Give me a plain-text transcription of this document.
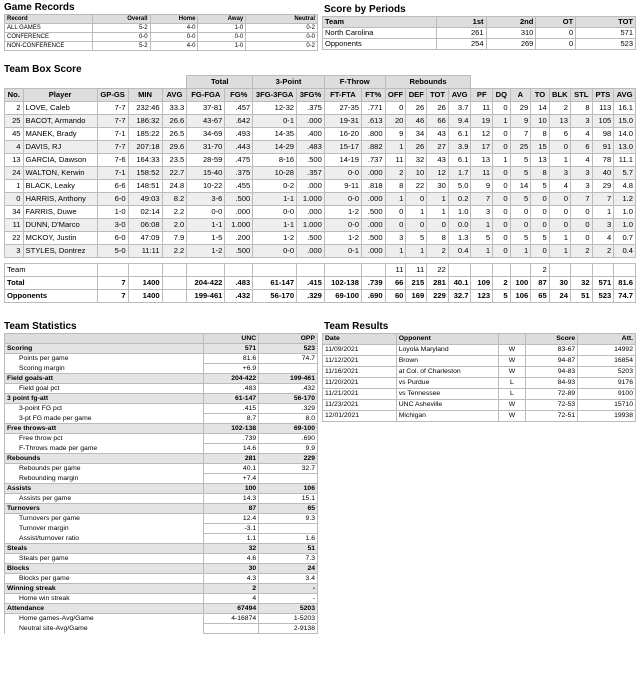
Game Records	Score by Periods
Team Box Score
Team Statistics	Team Results
Record	Overall	Home	Away	Neutral
ALL GAMES	5-2	4-0	1-0	0-2
CONFERENCE	0-0	0-0	0-0	0-0
NON-CONFERENCE	5-2	4-0	1-0	0-2
Team	1st	2nd	OT	TOT
North Carolina	261	310	0	571
Opponents	254	269	0	523
					Total		3-Point		F-Throw		Rebounds											
No.	Player	GP-GS	MIN	AVG	FG-FGA	FG%	3FG-3FGA	3FG%	FT-FTA	FT%	OFF	DEF	TOT	AVG	PF	DQ	A	TO	BLK	STL	PTS	AVG
2	LOVE, Caleb	7-7	232:46	33.3	37-81	.457	12-32	.375	27-35	.771	0	26	26	3.7	11	0	29	14	2	8	113	16.1
25	BACOT, Armando	7-7	186:32	26.6	43-67	.642	0-1	.000	19-31	.613	20	46	66	9.4	19	1	9	10	13	3	105	15.0
45	MANEK, Brady	7-1	185:22	26.5	34-69	.493	14-35	.400	16-20	.800	9	34	43	6.1	12	0	7	8	6	4	98	14.0
4	DAVIS, RJ	7-7	207:18	29.6	31-70	.443	14-29	.483	15-17	.882	1	26	27	3.9	17	0	25	15	0	6	91	13.0
13	GARCIA, Dawson	7-6	164:33	23.5	28-59	.475	8-16	.500	14-19	.737	11	32	43	6.1	13	1	5	13	1	4	78	11.1
24	WALTON, Kerwin	7-1	158:52	22.7	15-40	.375	10-28	.357	0-0	.000	2	10	12	1.7	11	0	5	8	3	3	40	5.7
1	BLACK, Leaky	6-6	148:51	24.8	10-22	.455	0-2	.000	9-11	.818	8	22	30	5.0	9	0	14	5	4	3	29	4.8
0	HARRIS, Anthony	6-0	49:03	8.2	3-6	.500	1-1	1.000	0-0	.000	1	0	1	0.2	7	0	5	0	0	7	7	1.2
34	FARRIS, Duwe	1-0	02:14	2.2	0-0	.000	0-0	.000	1-2	.500	0	1	1	1.0	3	0	0	0	0	0	1	1.0
11	DUNN, D'Marco	3-0	06:08	2.0	1-1	1.000	1-1	1.000	0-0	.000	0	0	0	0.0	1	0	0	0	0	0	3	1.0
22	MCKOY, Justin	6-0	47:09	7.9	1-5	.200	1-2	.500	1-2	.500	3	5	8	1.3	5	0	5	5	1	0	4	0.7
3	STYLES, Dontrez	5-0	11:11	2.2	1-2	.500	0-0	.000	0-1	.000	1	1	2	0.4	1	0	1	0	1	2	2	0.4

Team											11	11	22					2				
Total		7	1400		204-422	.483	61-147	.415	102-138	.739	66	215	281	40.1	109	2	100	87	30	32	571	81.6
Opponents		7	1400		199-461	.432	56-170	.329	69-100	.690	60	169	229	32.7	123	5	106	65	24	51	523	74.7
	UNC	OPP
Scoring	571	523
Points per game	81.6	74.7
Scoring margin	+6.9	
Field goals-att	204-422	199-461
Field goal pct	.483	.432
3 point fg-att	61-147	56-170
3-point FG pct	.415	.329
3-pt FG made per game	8.7	8.0
Free throws-att	102-138	69-100
Free throw pct	.739	.690
F-Throws made per game	14.6	9.9
Rebounds	281	229
Rebounds per game	40.1	32.7
Rebounding margin	+7.4	
Assists	100	106
Assists per game	14.3	15.1
Turnovers	87	65
Turnovers per game	12.4	9.3
Turnover margin	-3.1	
Assist/turnover ratio	1.1	1.6
Steals	32	51
Steals per game	4.6	7.3
Blocks	30	24
Blocks per game	4.3	3.4
Winning streak	2	-
Home win streak	4	-
Attendance	67494	5203
Home games-Avg/Game	4-16874	1-5203
Neutral site-Avg/Game		2-9138
Date	Opponent		Score	Att.
11/09/2021	Loyola Maryland	W	83-67	14992
11/12/2021	Brown	W	94-87	16854
11/16/2021	at Col. of Charleston	W	94-83	5203
11/20/2021	vs Purdue	L	84-93	9176
11/21/2021	vs Tennessee	L	72-89	9100
11/23/2021	UNC Asheville	W	72-53	15710
12/01/2021	Michigan	W	72-51	19938
